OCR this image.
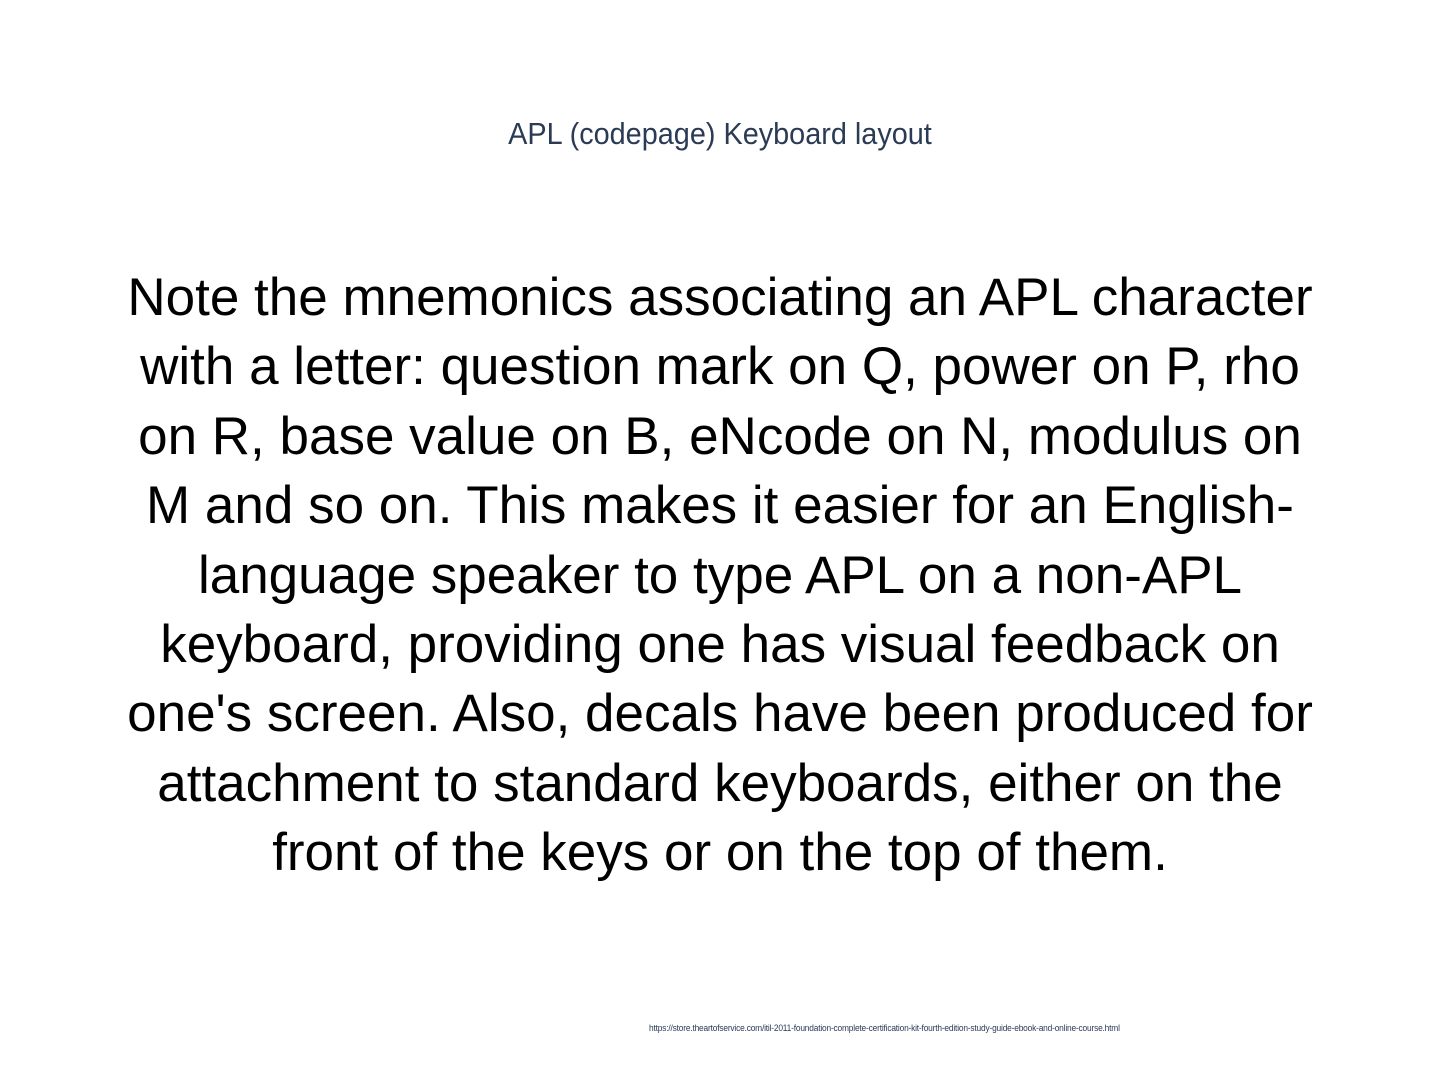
APL (codepage) Keyboard layout

Note the mnemonics associating an APL character with a letter: question mark on Q, power on P, rho on R, base value on B, eNcode on N, modulus on M and so on. This makes it easier for an English-language speaker to type APL on a non-APL keyboard, providing one has visual feedback on one's screen. Also, decals have been produced for attachment to standard keyboards, either on the front of the keys or on the top of them.

https://store.theartofservice.com/itil-2011-foundation-complete-certification-kit-fourth-edition-study-guide-ebook-and-online-course.html
